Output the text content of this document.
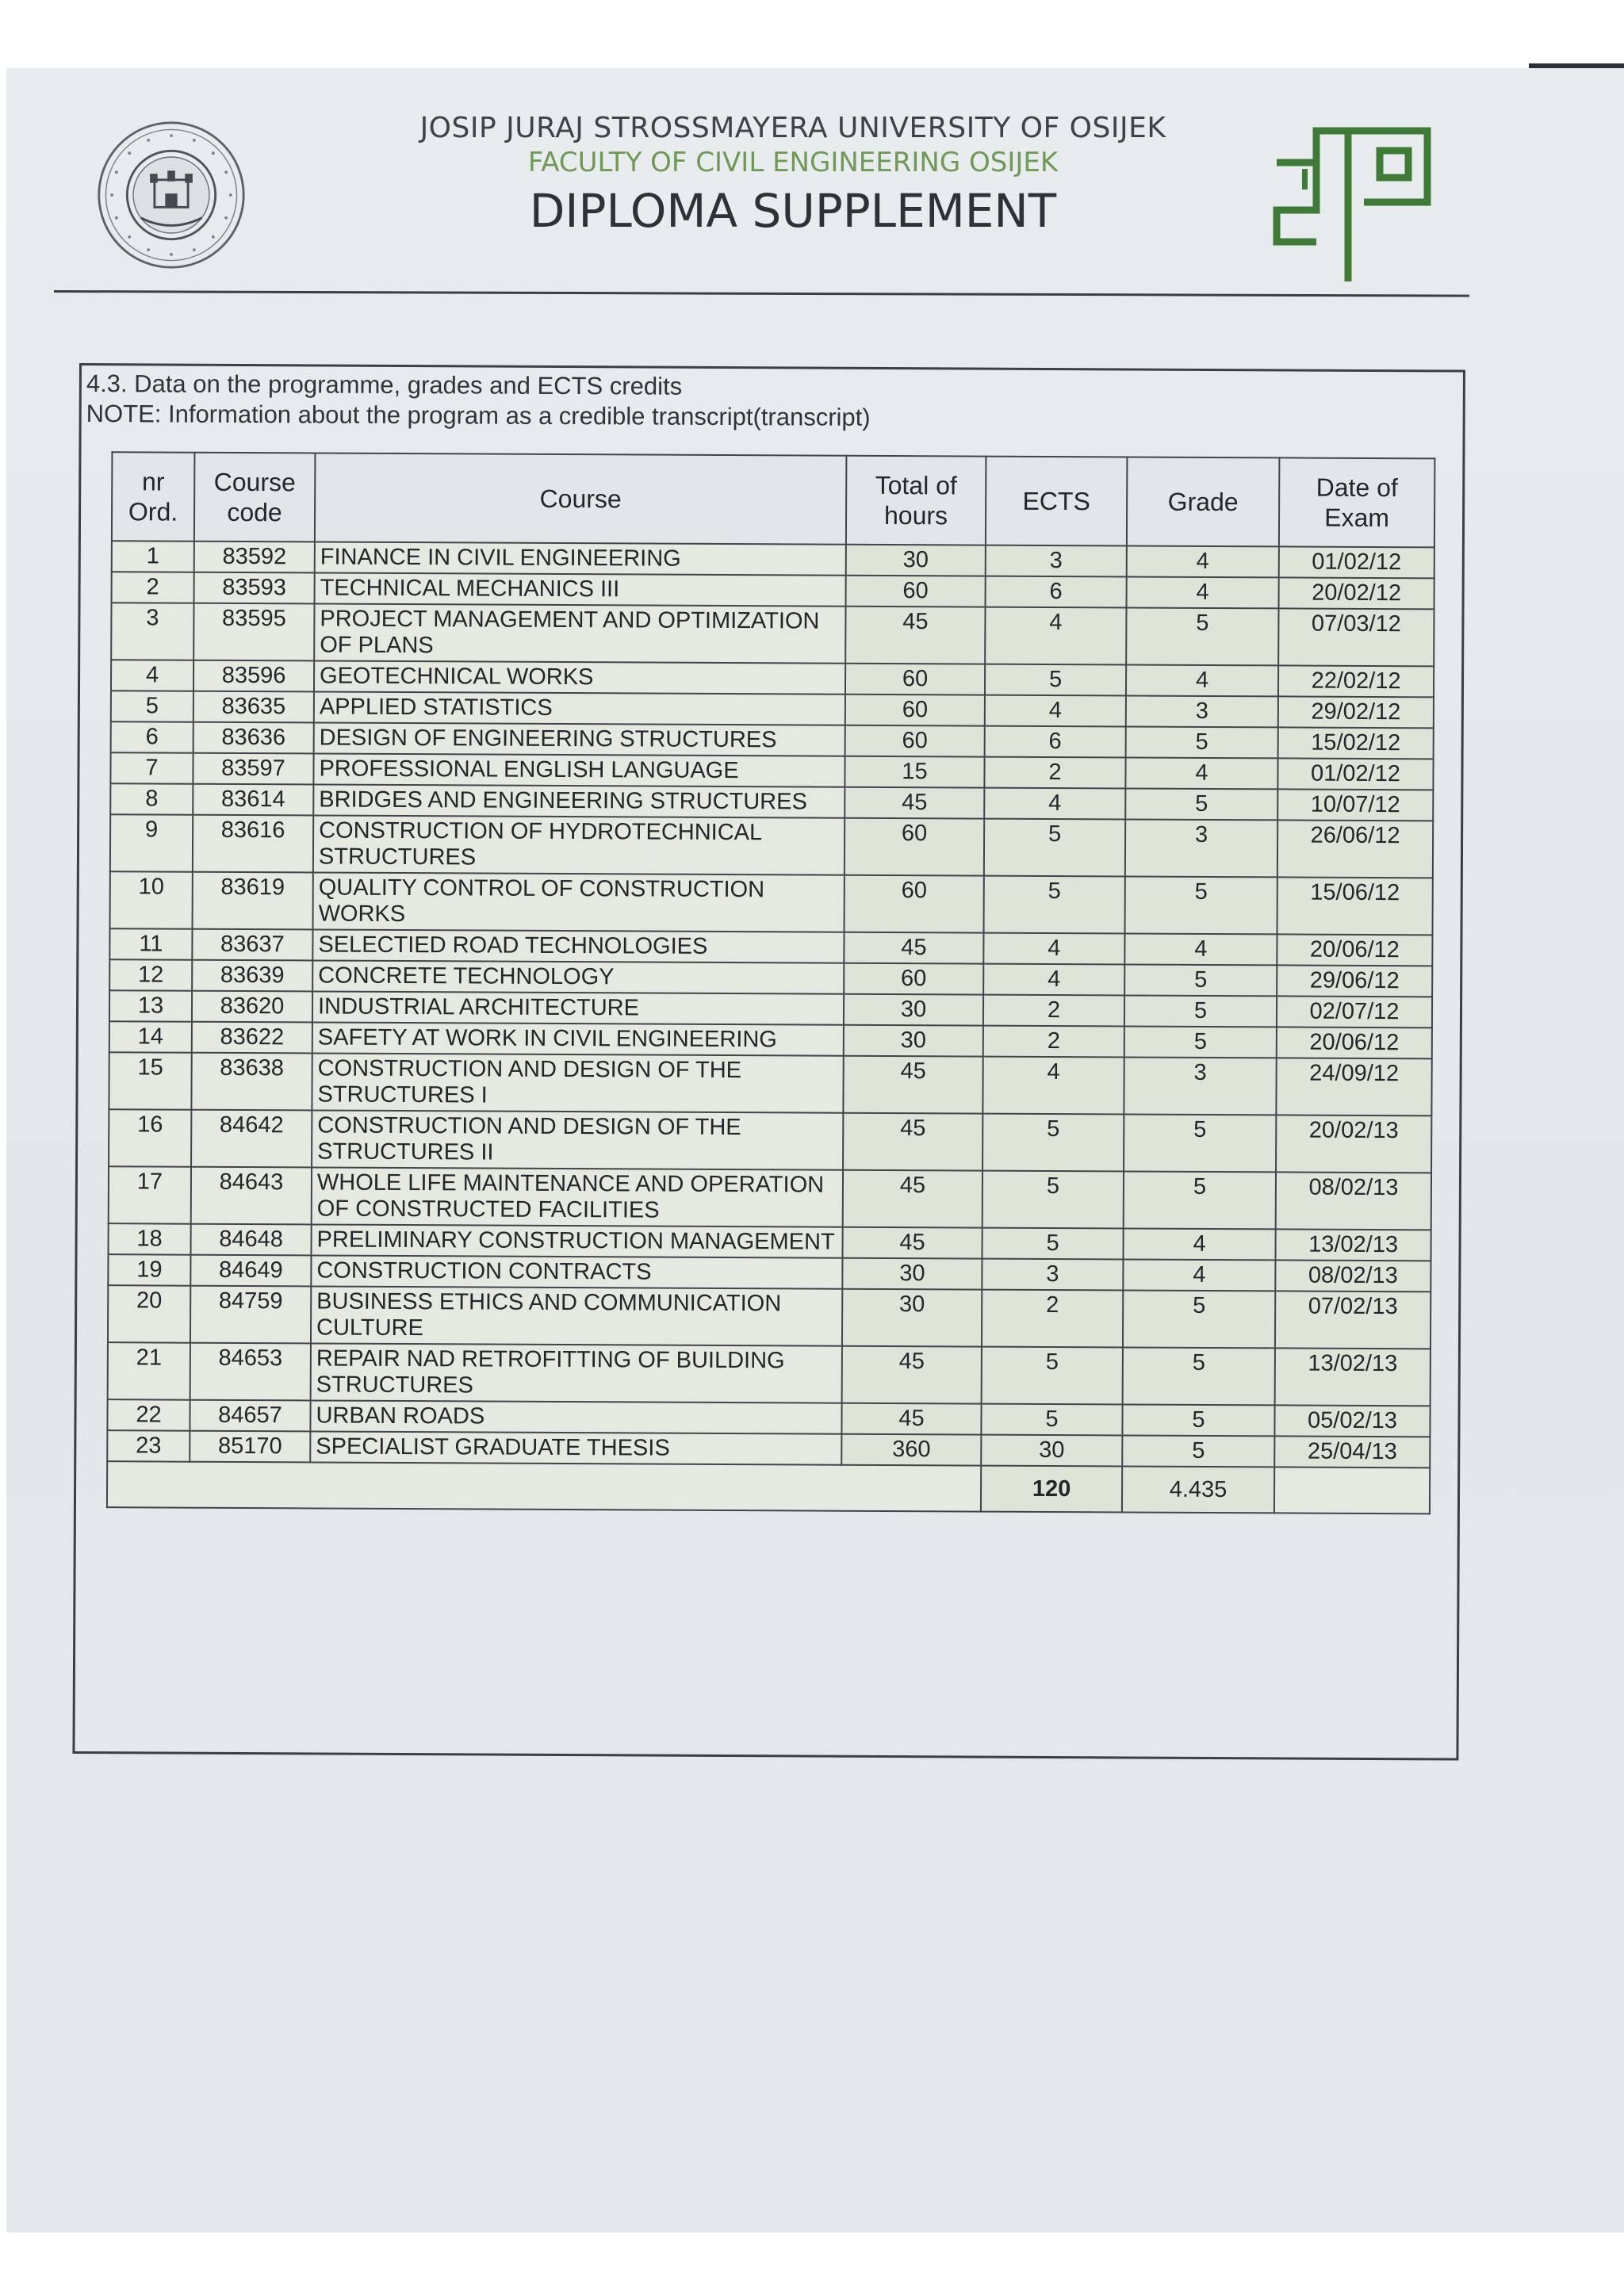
JOSIP JURAJ STROSSMAYERA UNIVERSITY OF OSIJEK
FACULTY OF CIVIL ENGINEERING OSIJEK
DIPLOMA SUPPLEMENT
4.3. Data on the programme, grades and ECTS credits
NOTE: Information about the program as a credible transcript(transcript)
nr Ord.	Course code	Course	Total of hours	ECTS	Grade	Date of Exam
1	83592	FINANCE IN CIVIL ENGINEERING	30	3	4	01/02/12
2	83593	TECHNICAL MECHANICS III	60	6	4	20/02/12
3	83595	PROJECT MANAGEMENT AND OPTIMIZATION OF PLANS	45	4	5	07/03/12
4	83596	GEOTECHNICAL WORKS	60	5	4	22/02/12
5	83635	APPLIED STATISTICS	60	4	3	29/02/12
6	83636	DESIGN OF ENGINEERING STRUCTURES	60	6	5	15/02/12
7	83597	PROFESSIONAL ENGLISH LANGUAGE	15	2	4	01/02/12
8	83614	BRIDGES AND ENGINEERING STRUCTURES	45	4	5	10/07/12
9	83616	CONSTRUCTION OF HYDROTECHNICAL STRUCTURES	60	5	3	26/06/12
10	83619	QUALITY CONTROL OF CONSTRUCTION WORKS	60	5	5	15/06/12
11	83637	SELECTIED ROAD TECHNOLOGIES	45	4	4	20/06/12
12	83639	CONCRETE TECHNOLOGY	60	4	5	29/06/12
13	83620	INDUSTRIAL ARCHITECTURE	30	2	5	02/07/12
14	83622	SAFETY AT WORK IN CIVIL ENGINEERING	30	2	5	20/06/12
15	83638	CONSTRUCTION AND DESIGN OF THE STRUCTURES I	45	4	3	24/09/12
16	84642	CONSTRUCTION AND DESIGN OF THE STRUCTURES II	45	5	5	20/02/13
17	84643	WHOLE LIFE MAINTENANCE AND OPERATION OF CONSTRUCTED FACILITIES	45	5	5	08/02/13
18	84648	PRELIMINARY CONSTRUCTION MANAGEMENT	45	5	4	13/02/13
19	84649	CONSTRUCTION CONTRACTS	30	3	4	08/02/13
20	84759	BUSINESS ETHICS AND COMMUNICATION CULTURE	30	2	5	07/02/13
21	84653	REPAIR NAD RETROFITTING OF BUILDING STRUCTURES	45	5	5	13/02/13
22	84657	URBAN ROADS	45	5	5	05/02/13
23	85170	SPECIALIST GRADUATE THESIS	360	30	5	25/04/13
				120	4.435	
